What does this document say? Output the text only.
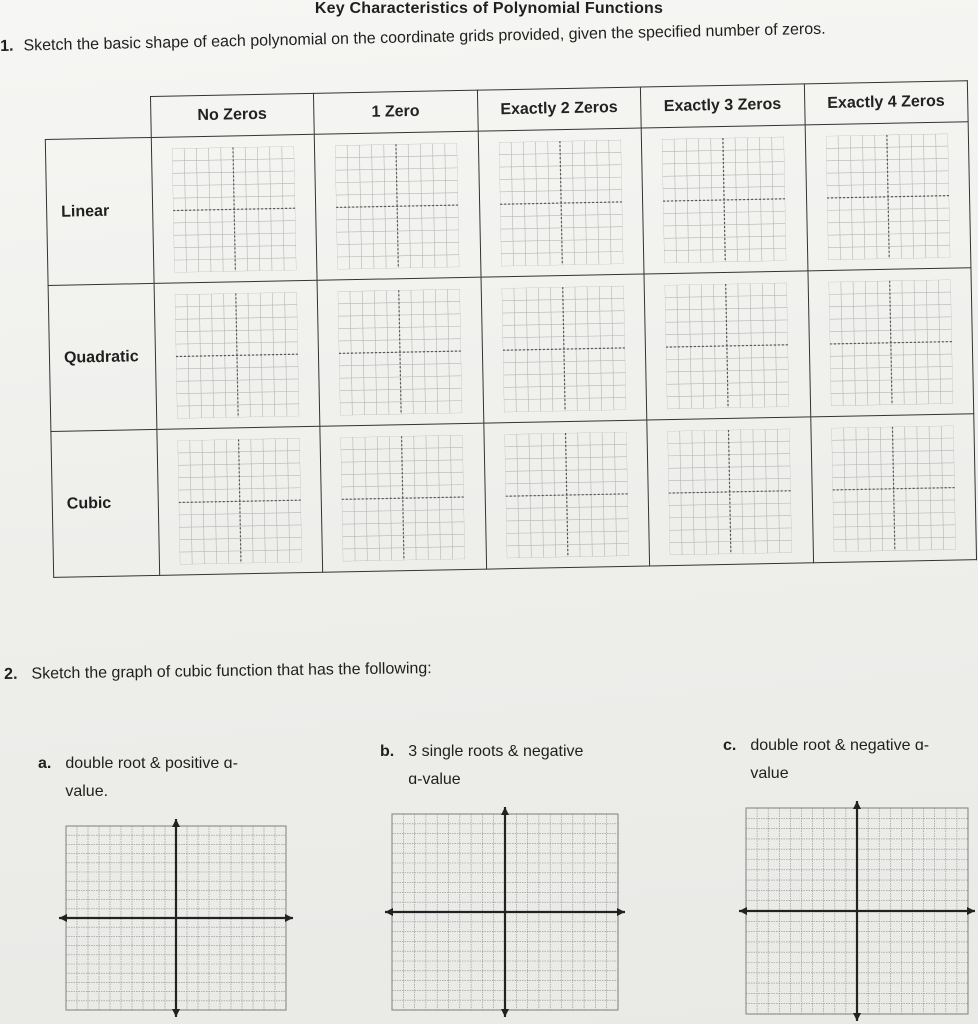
Key Characteristics of Polynomial Functions
1. Sketch the basic shape of each polynomial on the coordinate grids provided, given the specified number of zeros.
	No Zeros	1 Zero	Exactly 2 Zeros	Exactly 3 Zeros	Exactly 4 Zeros
Linear	

Quadratic	

Cubic	

2. Sketch the graph of cubic function that has the following:
a. double root & positive ɑ-
value.
b. 3 single roots & negative
ɑ-value
c. double root & negative ɑ-
value
